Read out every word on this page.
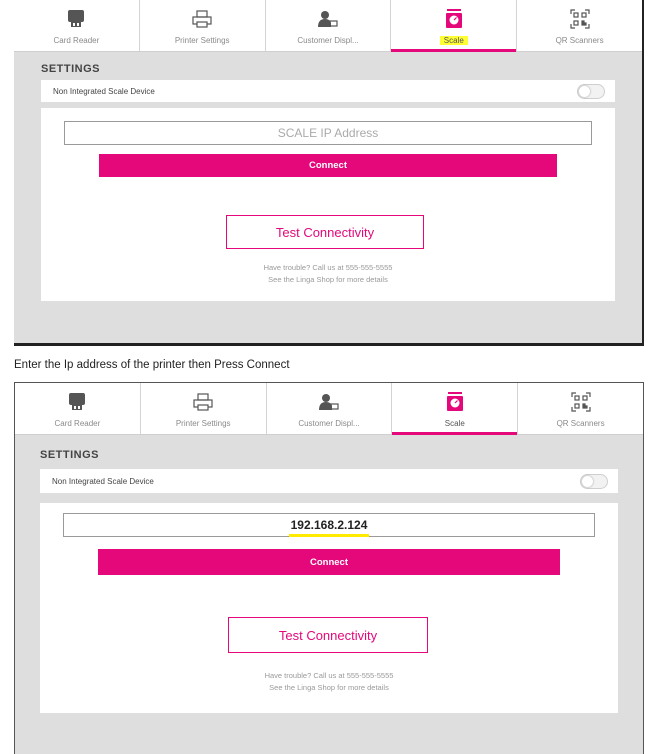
Card Reader	Printer Settings	Customer Displ...	Scale	QR Scanners
SETTINGS
Non Integrated Scale Device
SCALE IP Address
Connect
Test Connectivity
Have trouble? Call us at 555-555-5555
See the Linga Shop for more details
Enter the Ip address of the printer then Press Connect
Card Reader	Printer Settings	Customer Displ...	Scale	QR Scanners
SETTINGS
Non Integrated Scale Device
192.168.2.124
Connect
Test Connectivity
Have trouble? Call us at 555-555-5555
See the Linga Shop for more details
